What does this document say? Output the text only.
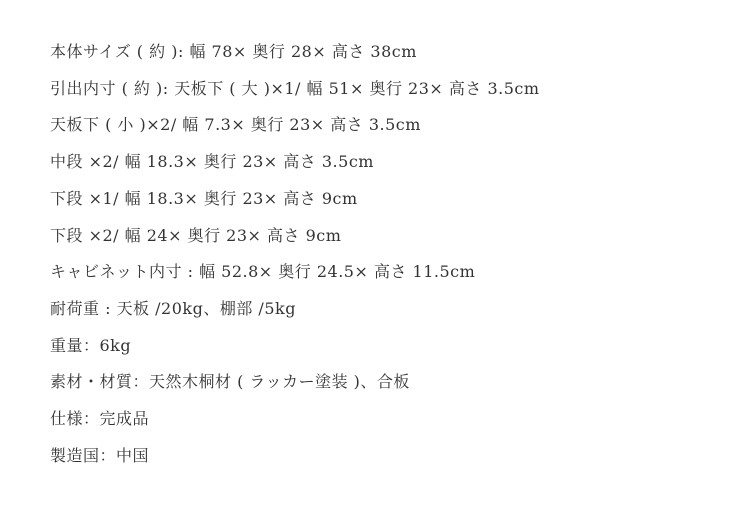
本体サイズ ( 約 ): 幅 78× 奥行 28× 高さ 38cm

引出内寸 ( 約 ): 天板下 ( 大 )×1/ 幅 51× 奥行 23× 高さ 3.5cm

天板下 ( 小 )×2/ 幅 7.3× 奥行 23× 高さ 3.5cm

中段 ×2/ 幅 18.3× 奥行 23× 高さ 3.5cm

下段 ×1/ 幅 18.3× 奥行 23× 高さ 9cm

下段 ×2/ 幅 24× 奥行 23× 高さ 9cm

キャビネット内寸 : 幅 52.8× 奥行 24.5× 高さ 11.5cm

耐荷重 : 天板 /20kg、棚部 /5kg

重量：6kg

素材・材質：天然木桐材 ( ラッカー塗装 )、合板

仕様：完成品

製造国：中国
